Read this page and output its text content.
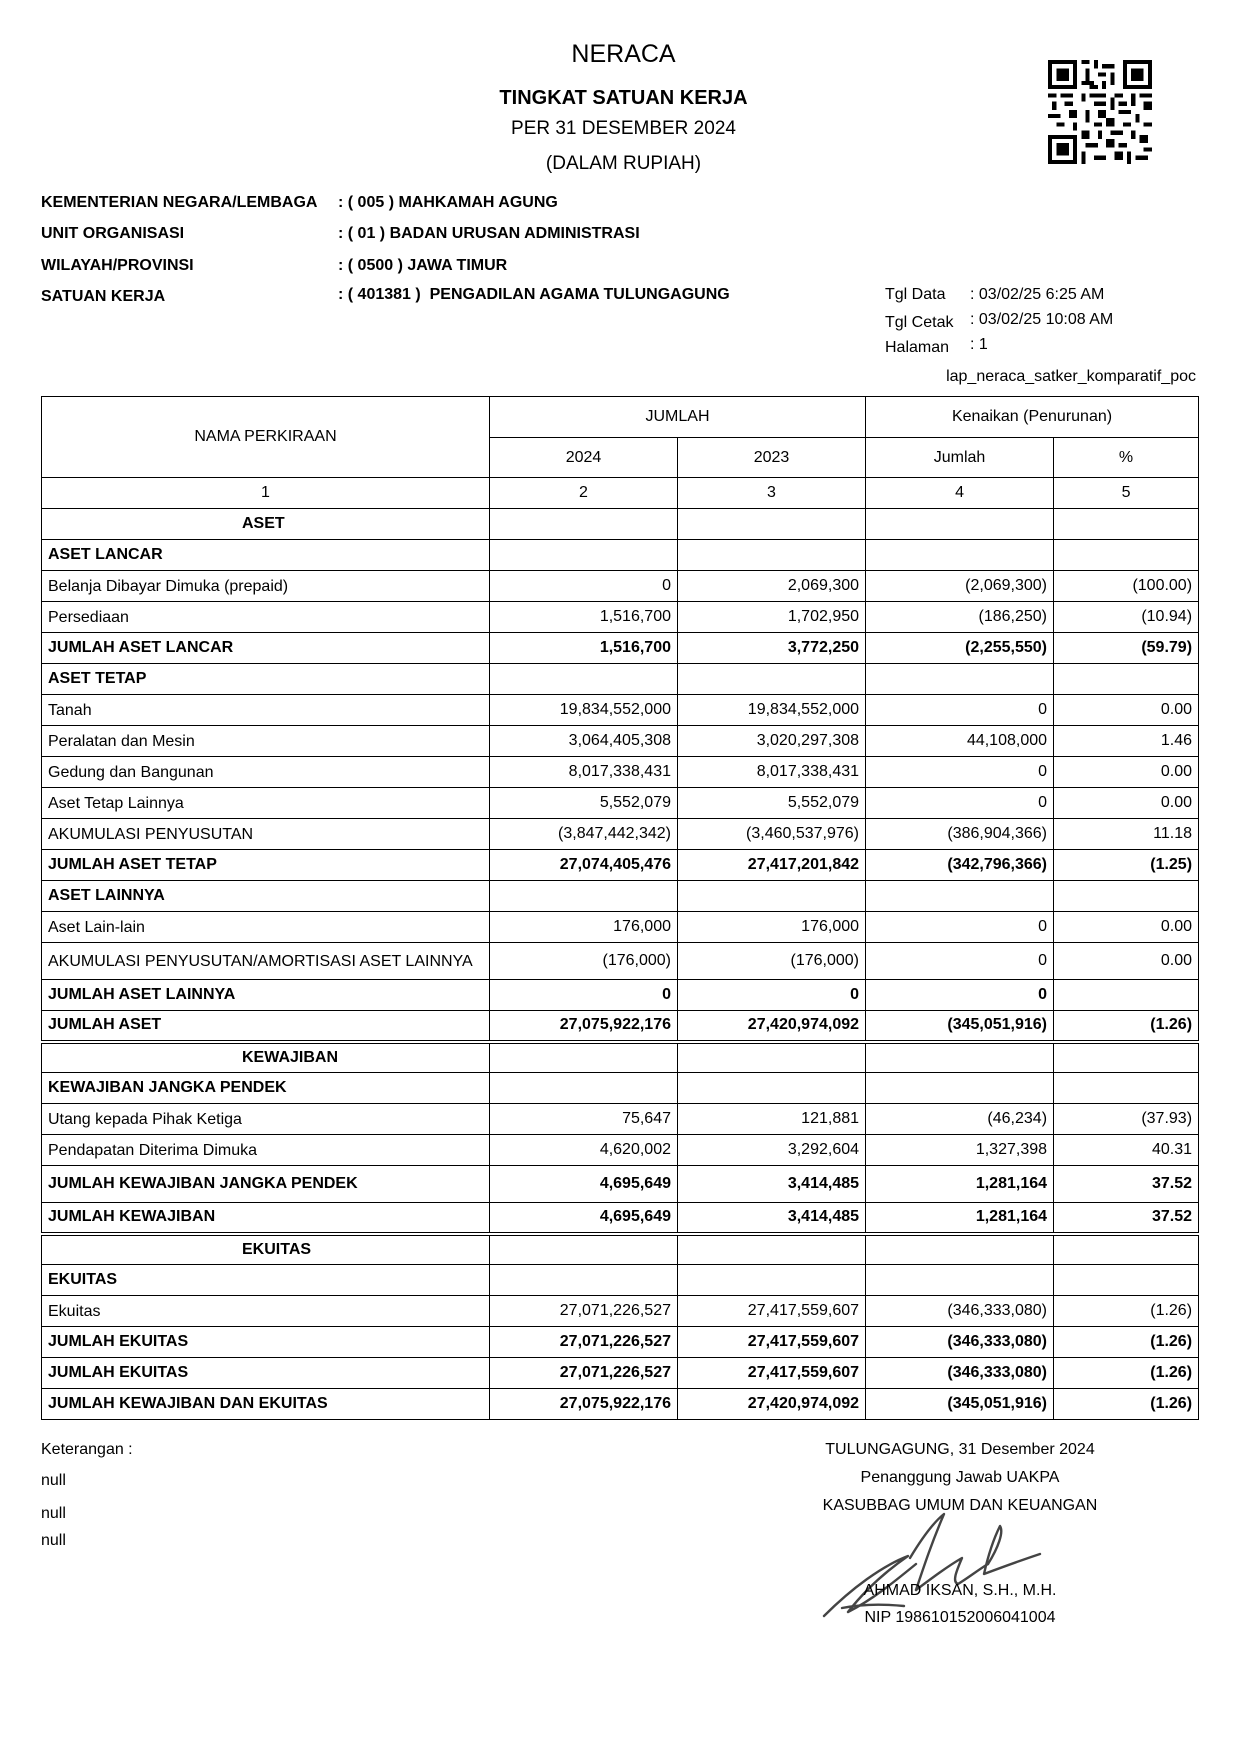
NERACA
TINGKAT SATUAN KERJA
PER 31 DESEMBER 2024
(DALAM RUPIAH)
KEMENTERIAN NEGARA/LEMBAGA : ( 005 ) MAHKAMAH AGUNG
UNIT ORGANISASI	: ( 01 ) BADAN URUSAN ADMINISTRASI
WILAYAH/PROVINSI	: ( 0500 ) JAWA TIMUR
SATUAN KERJA	: ( 401381 )  PENGADILAN AGAMA TULUNGAGUNG	Tgl Data : 03/02/25 6:25 AM
Tgl Cetak : 03/02/25 10:08 AM
Halaman : 1
lap_neraca_satker_komparatif_poc
NAMA PERKIRAAN	JUMLAH		Kenaikan (Penurunan)	
	2024	2023	Jumlah	%
1	2	3	4	5
ASET				
ASET LANCAR				
Belanja Dibayar Dimuka (prepaid)	0	2,069,300	(2,069,300)	(100.00)
Persediaan	1,516,700	1,702,950	(186,250)	(10.94)
JUMLAH ASET LANCAR	1,516,700	3,772,250	(2,255,550)	(59.79)
ASET TETAP				
Tanah	19,834,552,000	19,834,552,000	0	0.00
Peralatan dan Mesin	3,064,405,308	3,020,297,308	44,108,000	1.46
Gedung dan Bangunan	8,017,338,431	8,017,338,431	0	0.00
Aset Tetap Lainnya	5,552,079	5,552,079	0	0.00
AKUMULASI PENYUSUTAN	(3,847,442,342)	(3,460,537,976)	(386,904,366)	11.18
JUMLAH ASET TETAP	27,074,405,476	27,417,201,842	(342,796,366)	(1.25)
ASET LAINNYA				
Aset Lain-lain	176,000	176,000	0	0.00
AKUMULASI PENYUSUTAN/AMORTISASI ASET LAINNYA	(176,000)	(176,000)	0	0.00
JUMLAH ASET LAINNYA	0	0	0	
JUMLAH ASET	27,075,922,176	27,420,974,092	(345,051,916)	(1.26)
KEWAJIBAN				
KEWAJIBAN JANGKA PENDEK				
Utang kepada Pihak Ketiga	75,647	121,881	(46,234)	(37.93)
Pendapatan Diterima Dimuka	4,620,002	3,292,604	1,327,398	40.31
JUMLAH KEWAJIBAN JANGKA PENDEK	4,695,649	3,414,485	1,281,164	37.52
JUMLAH KEWAJIBAN	4,695,649	3,414,485	1,281,164	37.52
EKUITAS				
EKUITAS				
Ekuitas	27,071,226,527	27,417,559,607	(346,333,080)	(1.26)
JUMLAH EKUITAS	27,071,226,527	27,417,559,607	(346,333,080)	(1.26)
JUMLAH EKUITAS	27,071,226,527	27,417,559,607	(346,333,080)	(1.26)
JUMLAH KEWAJIBAN DAN EKUITAS	27,075,922,176	27,420,974,092	(345,051,916)	(1.26)
Keterangan :
null
null
null
TULUNGAGUNG, 31 Desember 2024
Penanggung Jawab UAKPA
KASUBBAG UMUM DAN KEUANGAN
AHMAD IKSAN, S.H., M.H.
NIP 198610152006041004
